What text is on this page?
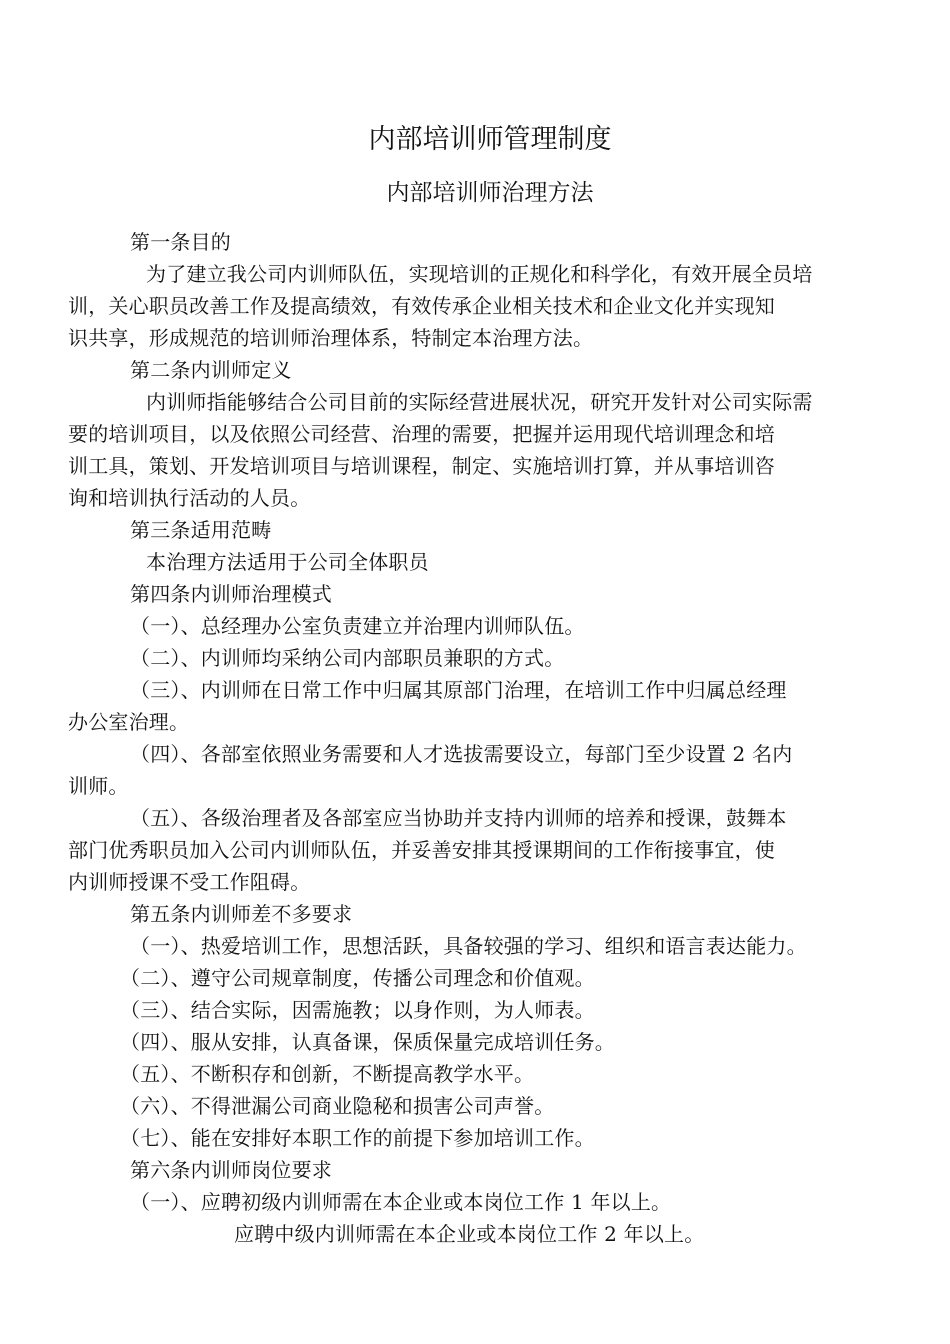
内部培训师管理制度
内部培训师治理方法
第一条目的
为了建立我公司内训师队伍，实现培训的正规化和科学化，有效开展全员培
训，关心职员改善工作及提高绩效，有效传承企业相关技术和企业文化并实现知
识共享，形成规范的培训师治理体系，特制定本治理方法。
第二条内训师定义
内训师指能够结合公司目前的实际经营进展状况，研究开发针对公司实际需
要的培训项目，以及依照公司经营、治理的需要，把握并运用现代培训理念和培
训工具，策划、开发培训项目与培训课程，制定、实施培训打算，并从事培训咨
询和培训执行活动的人员。
第三条适用范畴
本治理方法适用于公司全体职员
第四条内训师治理模式
（一）、总经理办公室负责建立并治理内训师队伍。
（二）、内训师均采纳公司内部职员兼职的方式。
（三）、内训师在日常工作中归属其原部门治理，在培训工作中归属总经理
办公室治理。
（四）、各部室依照业务需要和人才选拔需要设立，每部门至少设置 2 名内
训师。
（五）、各级治理者及各部室应当协助并支持内训师的培养和授课，鼓舞本
部门优秀职员加入公司内训师队伍，并妥善安排其授课期间的工作衔接事宜，使
内训师授课不受工作阻碍。
第五条内训师差不多要求
（一）、热爱培训工作，思想活跃，具备较强的学习、组织和语言表达能力。
（二）、遵守公司规章制度，传播公司理念和价值观。
（三）、结合实际，因需施教；以身作则，为人师表。
（四）、服从安排，认真备课，保质保量完成培训任务。
（五）、不断积存和创新，不断提高教学水平。
（六）、不得泄漏公司商业隐秘和损害公司声誉。
（七）、能在安排好本职工作的前提下参加培训工作。
第六条内训师岗位要求
（一）、应聘初级内训师需在本企业或本岗位工作 1 年以上。
应聘中级内训师需在本企业或本岗位工作 2 年以上。
